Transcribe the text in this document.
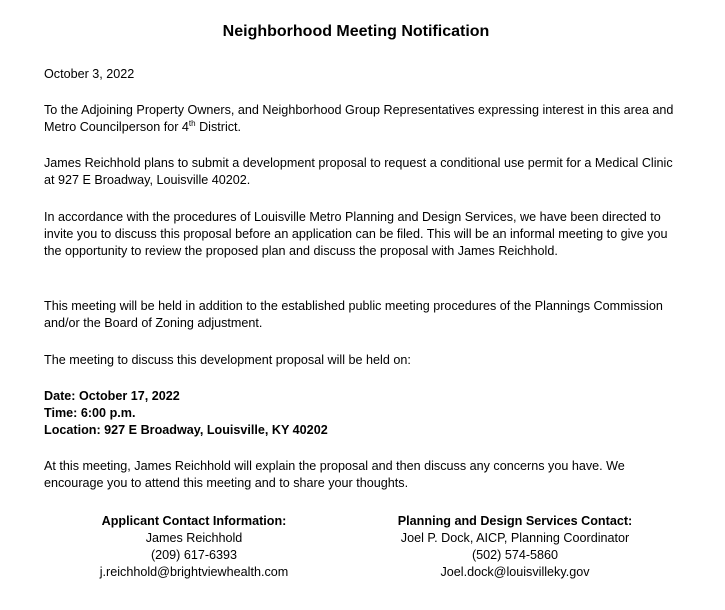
Neighborhood Meeting Notification
October 3, 2022
To the Adjoining Property Owners, and Neighborhood Group Representatives expressing interest in this area and Metro Councilperson for 4th District.
James Reichhold plans to submit a development proposal to request a conditional use permit for a Medical Clinic at 927 E Broadway, Louisville 40202.
In accordance with the procedures of Louisville Metro Planning and Design Services, we have been directed to invite you to discuss this proposal before an application can be filed. This will be an informal meeting to give you the opportunity to review the proposed plan and discuss the proposal with James Reichhold.
This meeting will be held in addition to the established public meeting procedures of the Plannings Commission and/or the Board of Zoning adjustment.
The meeting to discuss this development proposal will be held on:
Date: October 17, 2022
Time: 6:00 p.m.
Location: 927 E Broadway, Louisville, KY 40202
At this meeting, James Reichhold will explain the proposal and then discuss any concerns you have. We encourage you to attend this meeting and to share your thoughts.
Applicant Contact Information:
James Reichhold
(209) 617-6393
j.reichhold@brightviewhealth.com
Planning and Design Services Contact:
Joel P. Dock, AICP, Planning Coordinator
(502) 574-5860
Joel.dock@louisvilleky.gov
